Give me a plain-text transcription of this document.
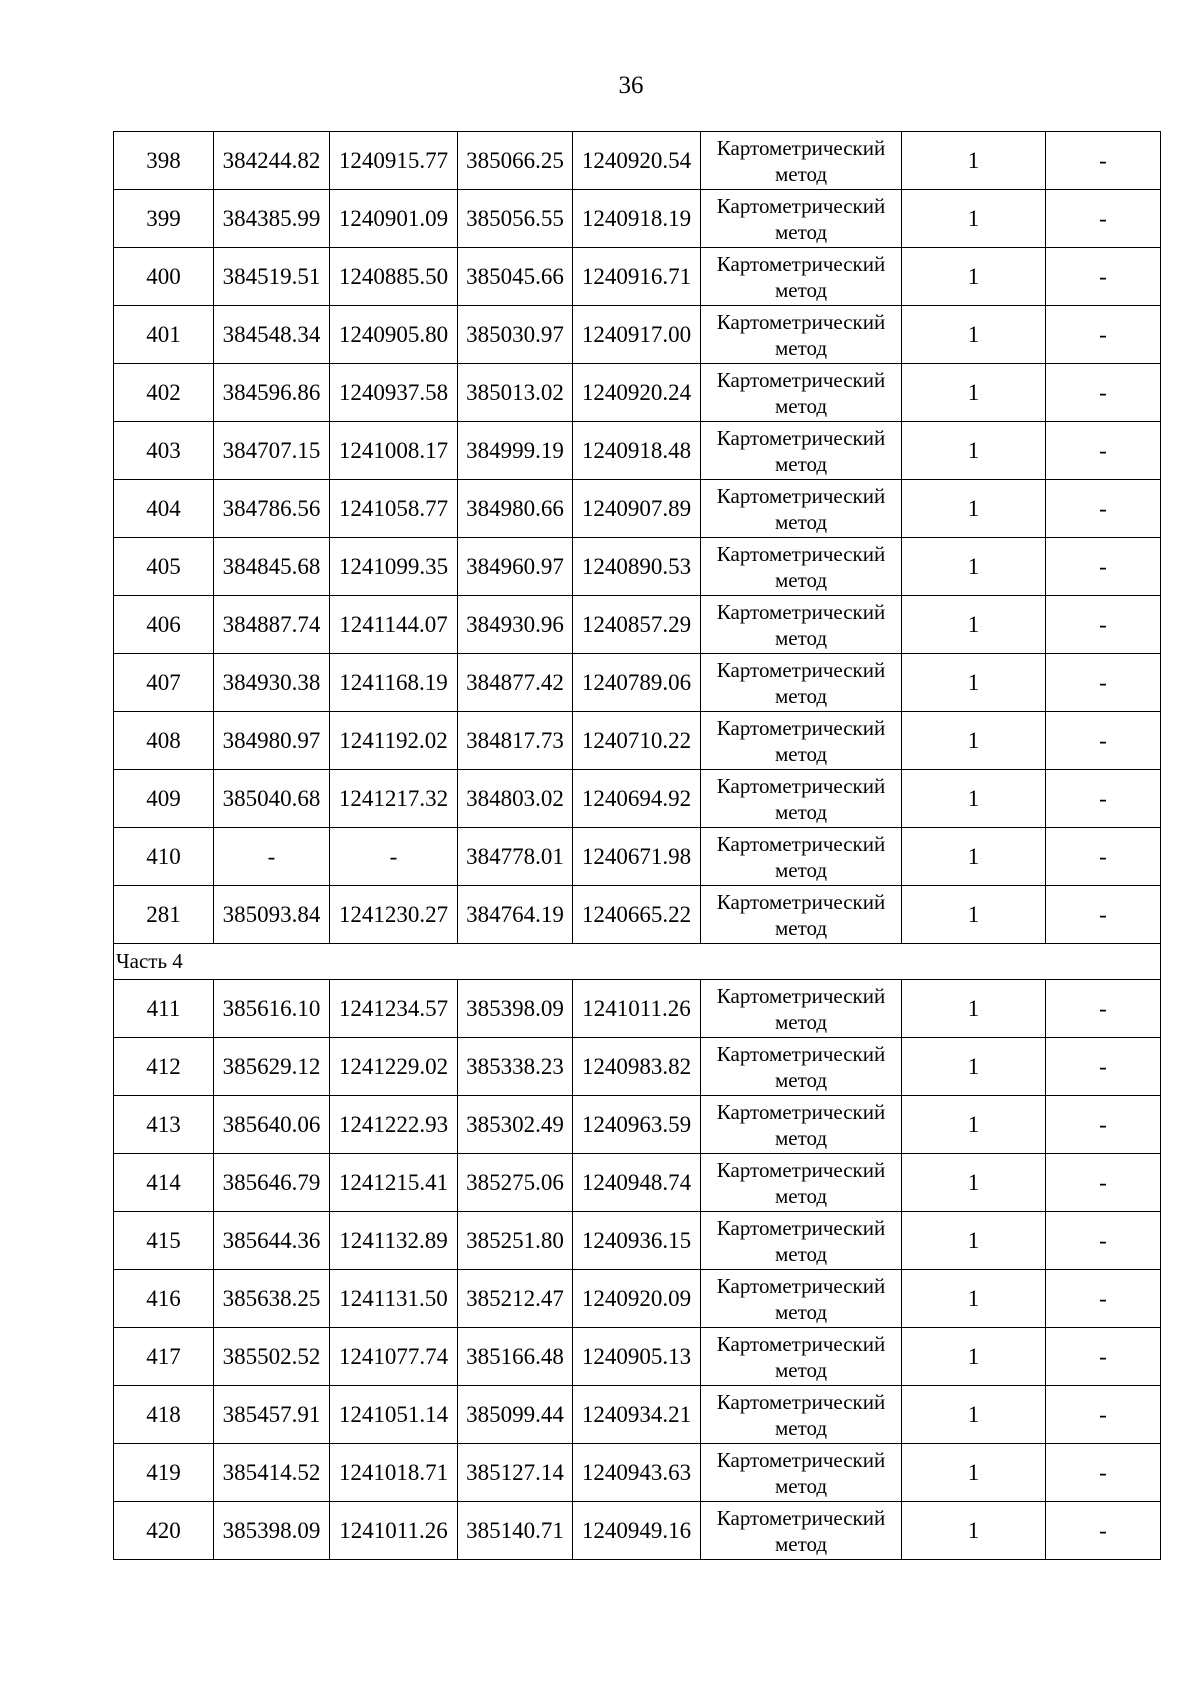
36
398	384244.82	1240915.77	385066.25	1240920.54	Картометрический метод	1	-
399	384385.99	1240901.09	385056.55	1240918.19	Картометрический метод	1	-
400	384519.51	1240885.50	385045.66	1240916.71	Картометрический метод	1	-
401	384548.34	1240905.80	385030.97	1240917.00	Картометрический метод	1	-
402	384596.86	1240937.58	385013.02	1240920.24	Картометрический метод	1	-
403	384707.15	1241008.17	384999.19	1240918.48	Картометрический метод	1	-
404	384786.56	1241058.77	384980.66	1240907.89	Картометрический метод	1	-
405	384845.68	1241099.35	384960.97	1240890.53	Картометрический метод	1	-
406	384887.74	1241144.07	384930.96	1240857.29	Картометрический метод	1	-
407	384930.38	1241168.19	384877.42	1240789.06	Картометрический метод	1	-
408	384980.97	1241192.02	384817.73	1240710.22	Картометрический метод	1	-
409	385040.68	1241217.32	384803.02	1240694.92	Картометрический метод	1	-
410	-	-	384778.01	1240671.98	Картометрический метод	1	-
281	385093.84	1241230.27	384764.19	1240665.22	Картометрический метод	1	-
Часть 4							
411	385616.10	1241234.57	385398.09	1241011.26	Картометрический метод	1	-
412	385629.12	1241229.02	385338.23	1240983.82	Картометрический метод	1	-
413	385640.06	1241222.93	385302.49	1240963.59	Картометрический метод	1	-
414	385646.79	1241215.41	385275.06	1240948.74	Картометрический метод	1	-
415	385644.36	1241132.89	385251.80	1240936.15	Картометрический метод	1	-
416	385638.25	1241131.50	385212.47	1240920.09	Картометрический метод	1	-
417	385502.52	1241077.74	385166.48	1240905.13	Картометрический метод	1	-
418	385457.91	1241051.14	385099.44	1240934.21	Картометрический метод	1	-
419	385414.52	1241018.71	385127.14	1240943.63	Картометрический метод	1	-
420	385398.09	1241011.26	385140.71	1240949.16	Картометрический метод	1	-
